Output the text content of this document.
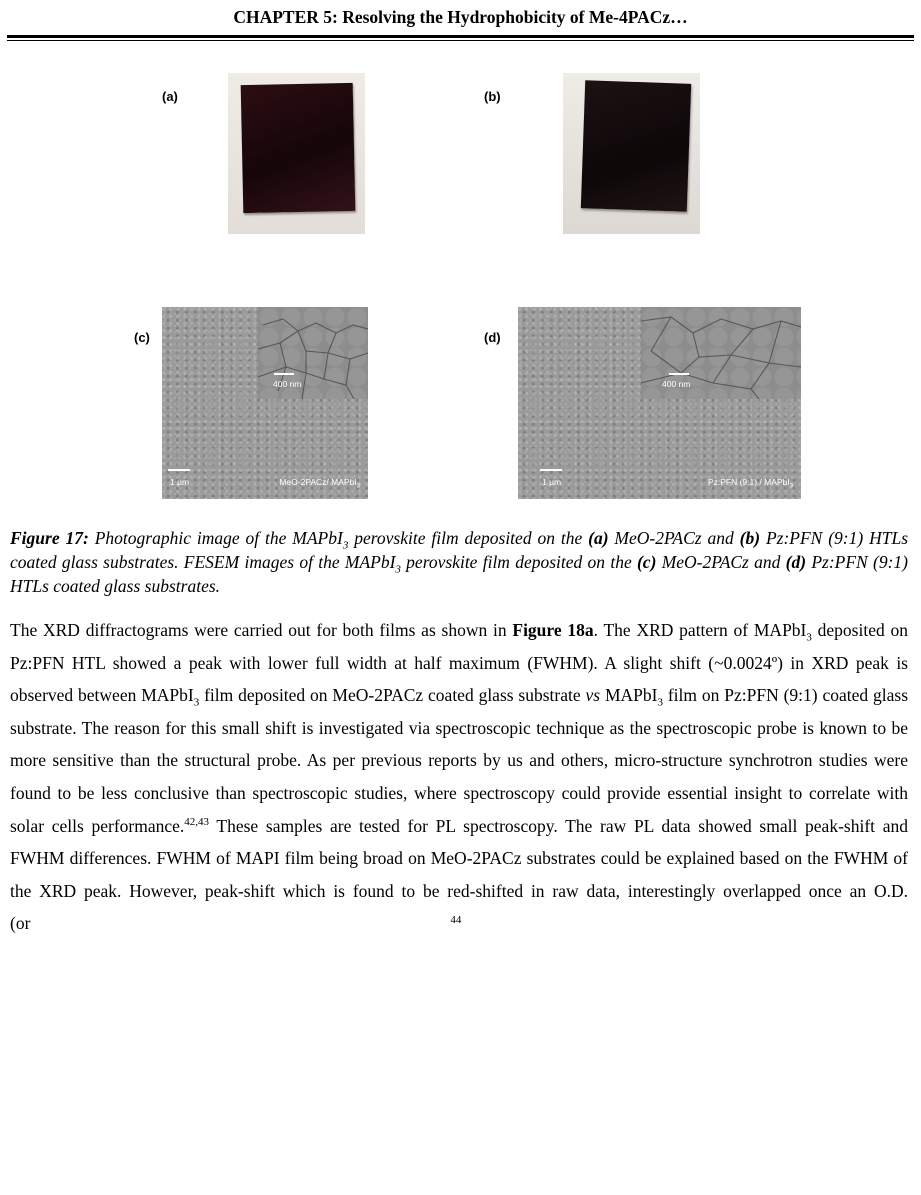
CHAPTER 5: Resolving the Hydrophobicity of Me-4PACz…
(a)	(b)
(c)
400 nm
1 µm	MeO-2PACz/ MAPbI$_3$
(d)
400 nm
1 µm	Pz:PFN (9:1) / MAPbI$_3$
Figure 17: Photographic image of the MAPbI$_3$ perovskite film deposited on the (a) MeO-2PACz and (b) Pz:PFN (9:1) HTLs coated glass substrates. FESEM images of the MAPbI$_3$ perovskite film deposited on the (c) MeO-2PACz and (d) Pz:PFN (9:1) HTLs coated glass substrates.

The XRD diffractograms were carried out for both films as shown in Figure 18a. The XRD pattern of MAPbI$_3$ deposited on Pz:PFN HTL showed a peak with lower full width at half maximum (FWHM). A slight shift (~0.0024º) in XRD peak is observed between MAPbI$_3$ film deposited on MeO-2PACz coated glass substrate vs MAPbI$_3$ film on Pz:PFN (9:1) coated glass substrate. The reason for this small shift is investigated via spectroscopic technique as the spectroscopic probe is known to be more sensitive than the structural probe. As per previous reports by us and others, micro-structure synchrotron studies were found to be less conclusive than spectroscopic studies, where spectroscopy could provide essential insight to correlate with solar cells performance.$^{42,43}$ These samples are tested for PL spectroscopy. The raw PL data showed small peak-shift and FWHM differences. FWHM of MAPI film being broad on MeO-2PACz substrates could be explained based on the FWHM of the XRD peak. However, peak-shift which is found to be red-shifted in raw data, interestingly overlapped once an O.D. (or	$^{44}$
